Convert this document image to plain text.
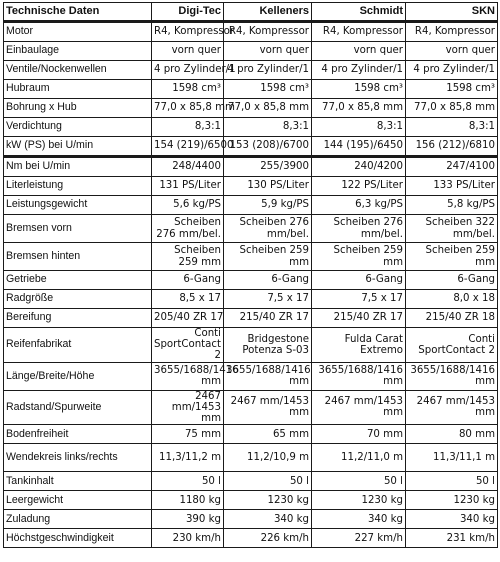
Technische Daten	Digi-Tec	Kelleners	Schmidt	SKN
Motor	R4, Kompressor	R4, Kompressor	R4, Kompressor	R4, Kompressor
Einbaulage	vorn quer	vorn quer	vorn quer	vorn quer
Ventile/Nockenwellen	4 pro Zylinder/1	4 pro Zylinder/1	4 pro Zylinder/1	4 pro Zylinder/1
Hubraum	1598 cm³	1598 cm³	1598 cm³	1598 cm³
Bohrung x Hub	77,0 x 85,8 mm	77,0 x 85,8 mm	77,0 x 85,8 mm	77,0 x 85,8 mm
Verdichtung	8,3:1	8,3:1	8,3:1	8,3:1
kW (PS) bei U/min	154 (219)/6500	153 (208)/6700	144 (195)/6450	156 (212)/6810
Nm bei U/min	248/4400	255/3900	240/4200	247/4100
Literleistung	131 PS/Liter	130 PS/Liter	122 PS/Liter	133 PS/Liter
Leistungsgewicht	5,6 kg/PS	5,9 kg/PS	6,3 kg/PS	5,8 kg/PS
Bremsen vorn	Scheiben 276 mm/bel.	Scheiben 276 mm/bel.	Scheiben 276 mm/bel.	Scheiben 322 mm/bel.
Bremsen hinten	Scheiben 259 mm	Scheiben 259 mm	Scheiben 259 mm	Scheiben 259 mm
Getriebe	6-Gang	6-Gang	6-Gang	6-Gang
Radgröße	8,5 x 17	7,5 x 17	7,5 x 17	8,0 x 18
Bereifung	205/40 ZR 17	215/40 ZR 17	215/40 ZR 17	215/40 ZR 18
Reifenfabrikat	Conti SportContact 2	Bridgestone Potenza S-03	Fulda Carat Extremo	Conti SportContact 2
Länge/Breite/Höhe	3655/1688/1416 mm	3655/1688/1416 mm	3655/1688/1416 mm	3655/1688/1416 mm
Radstand/Spurweite	2467 mm/1453 mm	2467 mm/1453 mm	2467 mm/1453 mm	2467 mm/1453 mm
Bodenfreiheit	75 mm	65 mm	70 mm	80 mm
Wendekreis links/rechts	11,3/11,2 m	11,2/10,9 m	11,2/11,0 m	11,3/11,1 m
Tankinhalt	50 l	50 l	50 l	50 l
Leergewicht	1180 kg	1230 kg	1230 kg	1230 kg
Zuladung	390 kg	340 kg	340 kg	340 kg
Höchstgeschwindigkeit	230 km/h	226 km/h	227 km/h	231 km/h
